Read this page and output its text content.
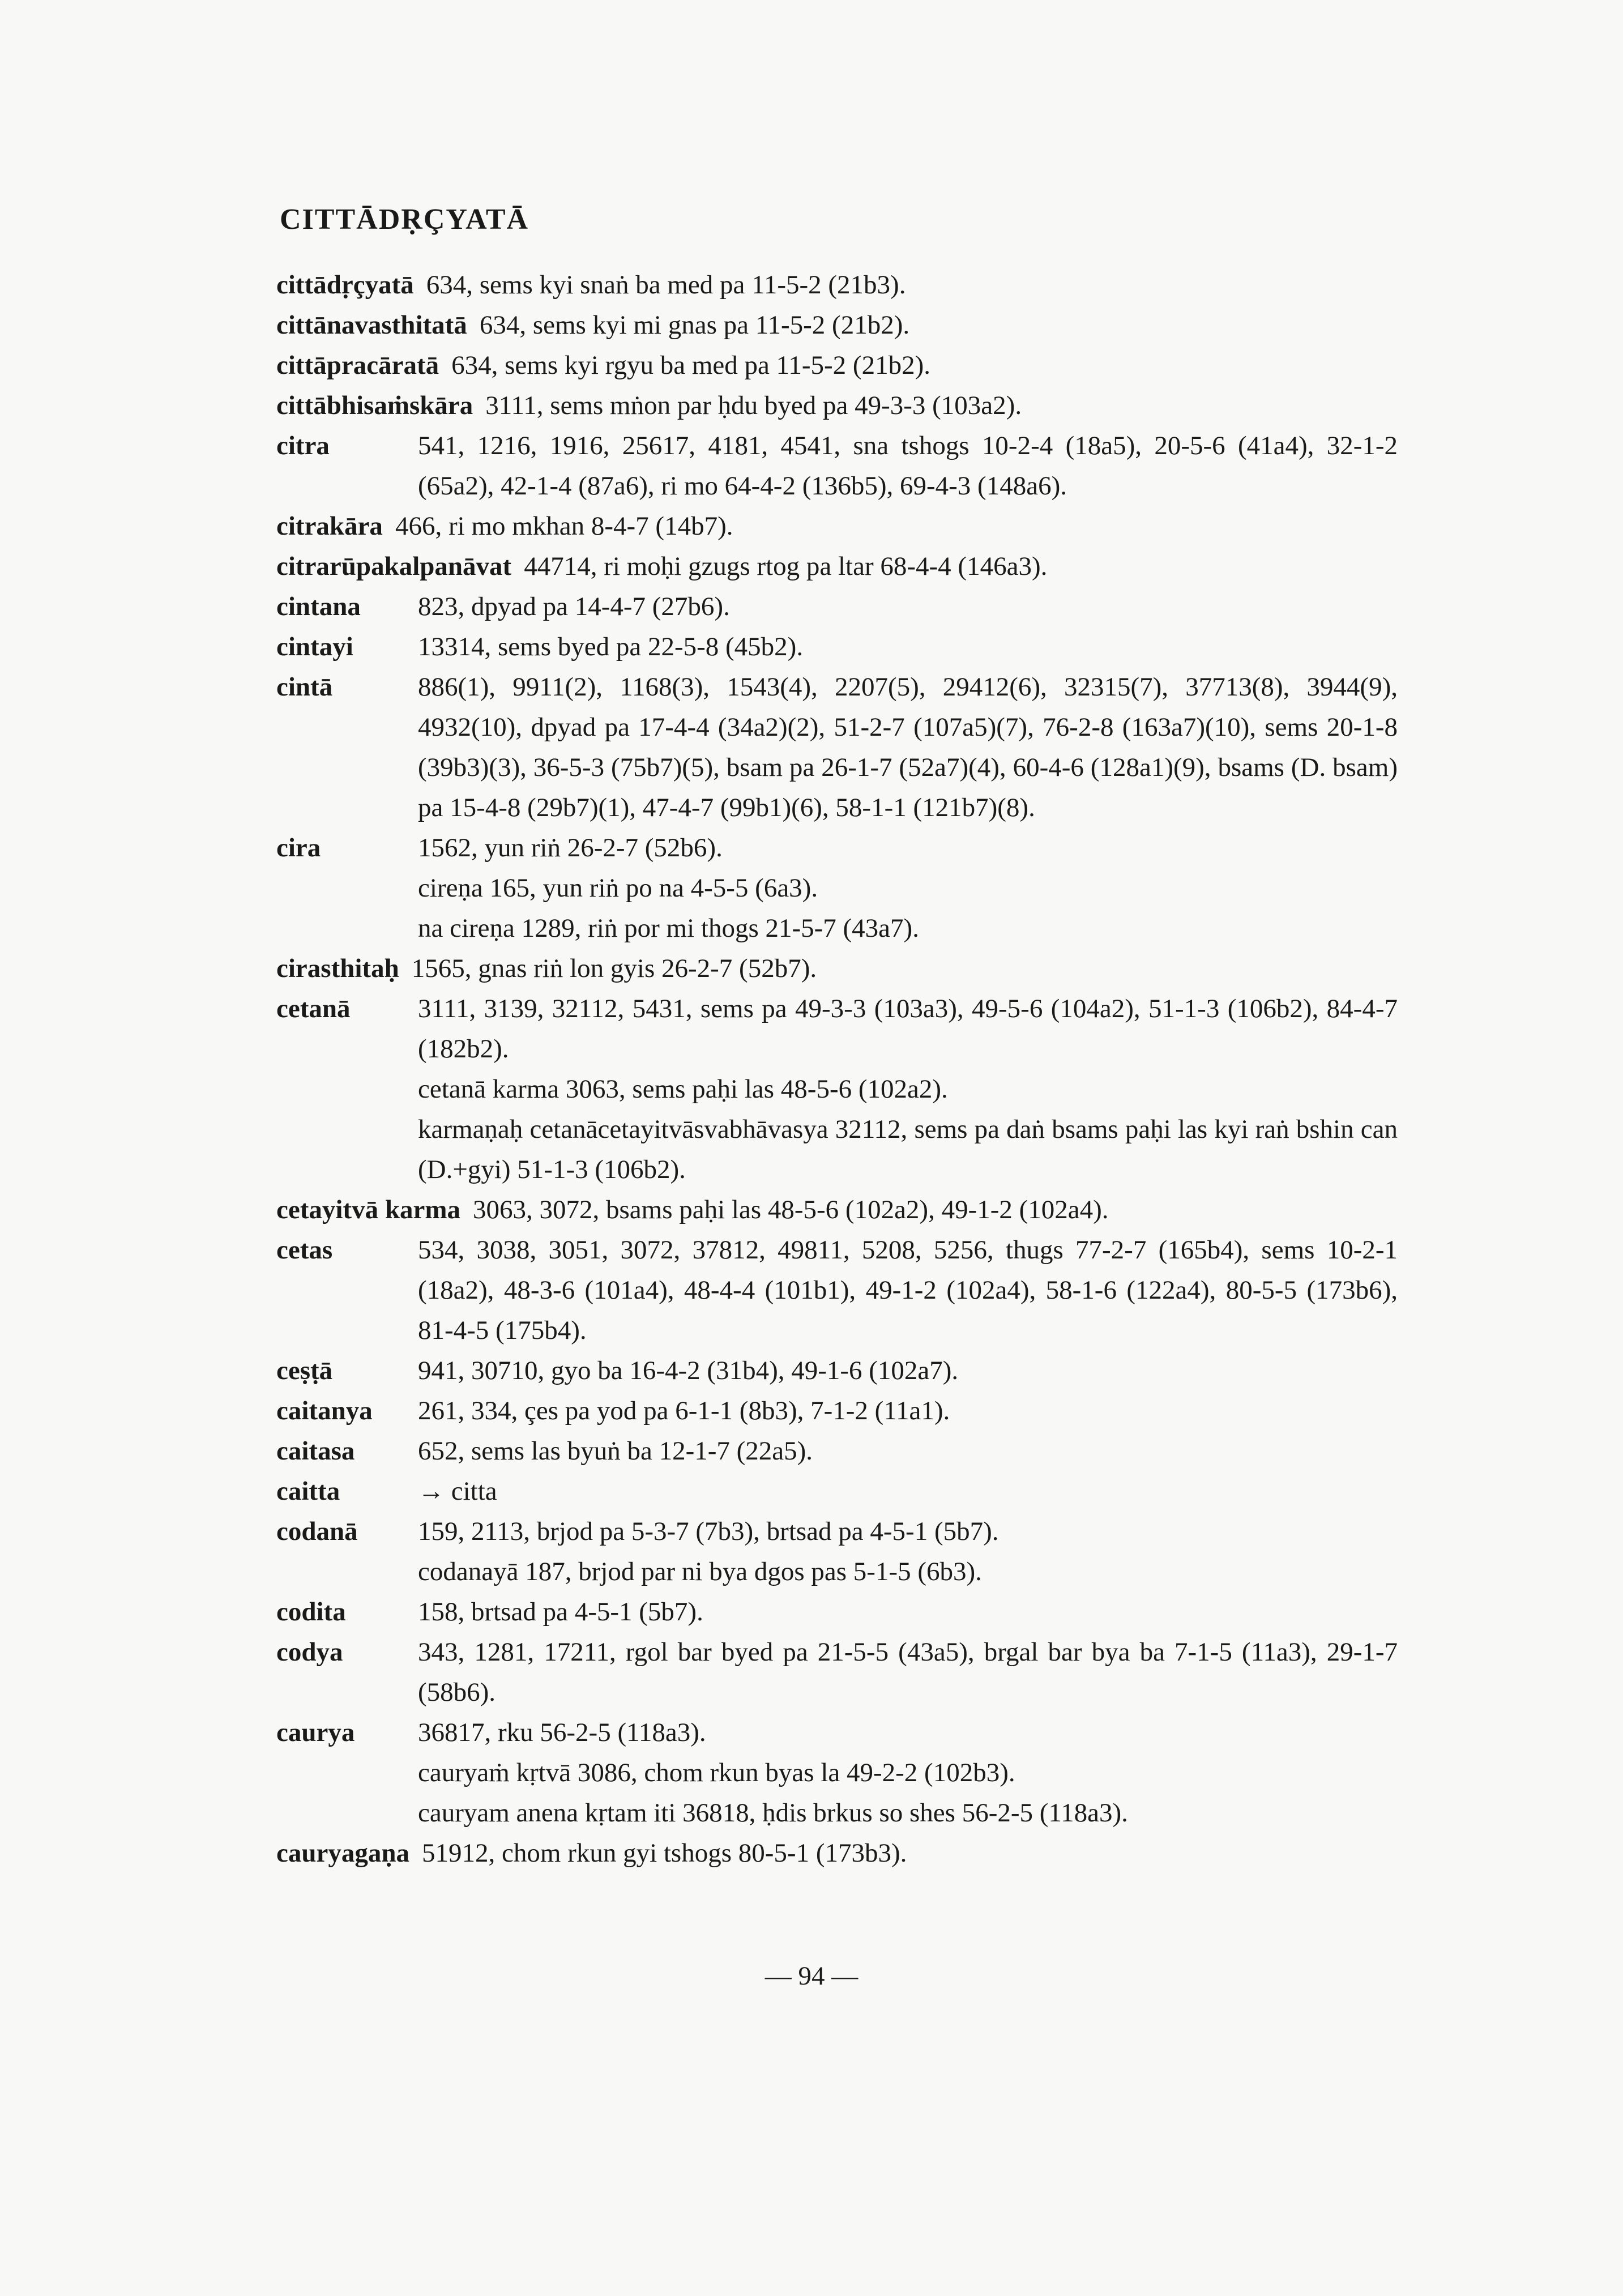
CITTĀDṚÇYATĀ
cittādṛçyatā 634, sems kyi snaṅ ba med pa 11-5-2 (21b3).
cittānavasthitatā 634, sems kyi mi gnas pa 11-5-2 (21b2).
cittāpracāratā 634, sems kyi rgyu ba med pa 11-5-2 (21b2).
cittābhisaṁskāra 3111, sems mṅon par ḥdu byed pa 49-3-3 (103a2).
citra	541, 1216, 1916, 25617, 4181, 4541, sna tshogs 10-2-4 (18a5), 20-5-6 (41a4), 32-1-2 (65a2), 42-1-4 (87a6), ri mo 64-4-2 (136b5), 69-4-3 (148a6).
citrakāra 466, ri mo mkhan 8-4-7 (14b7).
citrarūpakalpanāvat 44714, ri moḥi gzugs rtog pa ltar 68-4-4 (146a3).
cintana	823, dpyad pa 14-4-7 (27b6).
cintayi	13314, sems byed pa 22-5-8 (45b2).
cintā	886(1), 9911(2), 1168(3), 1543(4), 2207(5), 29412(6), 32315(7), 37713(8), 3944(9), 4932(10), dpyad pa 17-4-4 (34a2)(2), 51-2-7 (107a5)(7), 76-2-8 (163a7)(10), sems 20-1-8 (39b3)(3), 36-5-3 (75b7)(5), bsam pa 26-1-7 (52a7)(4), 60-4-6 (128a1)(9), bsams (D. bsam) pa 15-4-8 (29b7)(1), 47-4-7 (99b1)(6), 58-1-1 (121b7)(8).
cira	1562, yun riṅ 26-2-7 (52b6).
cireṇa 165, yun riṅ po na 4-5-5 (6a3).
na cireṇa 1289, riṅ por mi thogs 21-5-7 (43a7).
cirasthitaḥ 1565, gnas riṅ lon gyis 26-2-7 (52b7).
cetanā	3111, 3139, 32112, 5431, sems pa 49-3-3 (103a3), 49-5-6 (104a2), 51-1-3 (106b2), 84-4-7 (182b2).
cetanā karma 3063, sems paḥi las 48-5-6 (102a2).
karmaṇaḥ cetanācetayitvāsvabhāvasya 32112, sems pa daṅ bsams paḥi las kyi raṅ bshin can (D.+gyi) 51-1-3 (106b2).
cetayitvā karma 3063, 3072, bsams paḥi las 48-5-6 (102a2), 49-1-2 (102a4).
cetas	534, 3038, 3051, 3072, 37812, 49811, 5208, 5256, thugs 77-2-7 (165b4), sems 10-2-1 (18a2), 48-3-6 (101a4), 48-4-4 (101b1), 49-1-2 (102a4), 58-1-6 (122a4), 80-5-5 (173b6), 81-4-5 (175b4).
ceṣṭā	941, 30710, gyo ba 16-4-2 (31b4), 49-1-6 (102a7).
caitanya	261, 334, çes pa yod pa 6-1-1 (8b3), 7-1-2 (11a1).
caitasa	652, sems las byuṅ ba 12-1-7 (22a5).
caitta	→ citta
codanā	159, 2113, brjod pa 5-3-7 (7b3), brtsad pa 4-5-1 (5b7).
codanayā 187, brjod par ni bya dgos pas 5-1-5 (6b3).
codita	158, brtsad pa 4-5-1 (5b7).
codya	343, 1281, 17211, rgol bar byed pa 21-5-5 (43a5), brgal bar bya ba 7-1-5 (11a3), 29-1-7 (58b6).
caurya	36817, rku 56-2-5 (118a3).
cauryaṁ kṛtvā 3086, chom rkun byas la 49-2-2 (102b3).
cauryam anena kṛtam iti 36818, ḥdis brkus so shes 56-2-5 (118a3).
cauryagaṇa 51912, chom rkun gyi tshogs 80-5-1 (173b3).
— 94 —
